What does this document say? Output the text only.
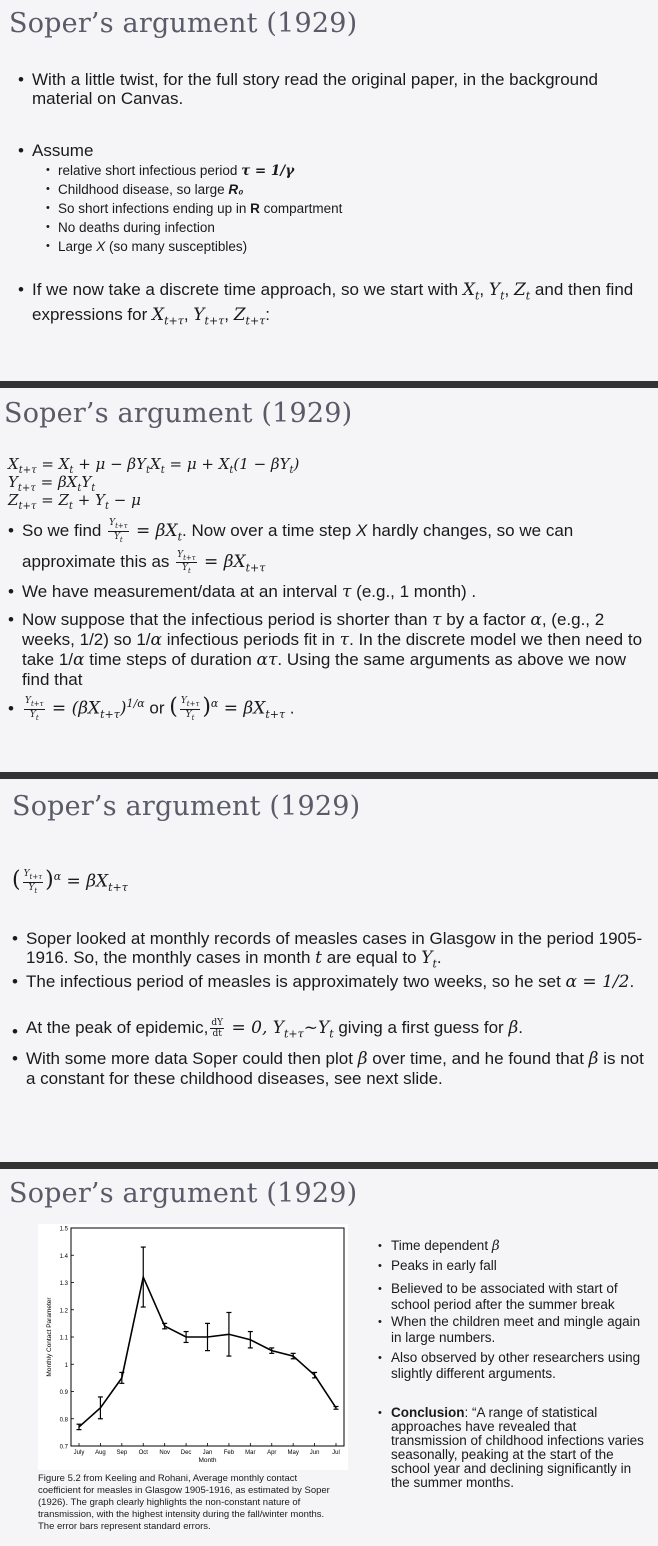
Soper’s argument (1929)
• With a little twist, for the full story read the original paper, in the background material on Canvas.
• Assume
• relative short infectious period τ = 1/γ
• Childhood disease, so large R₀
• So short infections ending up in R compartment
• No deaths during infection
• Large X (so many susceptibles)
• If we now take a discrete time approach, so we start with $X_t$, $Y_t$, $Z_t$ and then find expressions for $X_{t+\tau}$, $Y_{t+\tau}$, $Z_{t+\tau}$:
Soper’s argument (1929)
$X_{t+\tau} = X_t + \mu - \beta Y_tX_t = \mu + X_t(1 - \beta Y_t)$
$Y_{t+\tau} = \beta X_tY_t$
$Z_{t+\tau} = Z_t + Y_t - \mu$
• So we find $\frac{Y_{t+\tau}}{Y_t} = \beta X_t$. Now over a time step X hardly changes, so we can approximate this as $\frac{Y_{t+\tau}}{Y_t} = \beta X_{t+\tau}$
• We have measurement/data at an interval τ (e.g., 1 month) .
• Now suppose that the infectious period is shorter than τ by a factor α, (e.g., 2 weeks, 1/2) so 1/α infectious periods fit in τ. In the discrete model we then need to take 1/α time steps of duration ατ. Using the same arguments as above we now find that
• $\frac{Y_{t+\tau}}{Y_t} = (\beta X_{t+\tau})^{1/\alpha}$ or ( $\frac{Y_{t+\tau}}{Y_t} )^\alpha = \beta X_{t+\tau}$ .
Soper’s argument (1929)
( $\frac{Y_{t+\tau}}{Y_t} )^\alpha = \beta X_{t+\tau}$
• Soper looked at monthly records of measles cases in Glasgow in the period 1905-1916. So, the monthly cases in month t are equal to $Y_t$.
• The infectious period of measles is approximately two weeks, so he set α = 1/2.
• At the peak of epidemic, $\frac{dY}{dt} = 0$, $Y_{t+\tau}\sim Y_t$ giving a first guess for β.
• With some more data Soper could then plot β over time, and he found that β is not a constant for these childhood diseases, see next slide.
Soper’s argument (1929)
0.7
0.8
0.9
1
1.1
1.2
1.3
1.4
1.5
July Aug Sep Oct Nov Dec Jan Feb Mar Apr May Jun Jul
Month
Monthly Contact Parameter
Figure 5.2 from Keeling and Rohani, Average monthly contact coefficient for measles in Glasgow 1905-1916, as estimated by Soper (1926). The graph clearly highlights the non-constant nature of transmission, with the highest intensity during the fall/winter months. The error bars represent standard errors.
• Time dependent β
• Peaks in early fall
• Believed to be associated with start of school period after the summer break
• When the children meet and mingle again in large numbers.
• Also observed by other researchers using slightly different arguments.
• Conclusion: “A range of statistical approaches have revealed that transmission of childhood infections varies seasonally, peaking at the start of the school year and declining significantly in the summer months.
